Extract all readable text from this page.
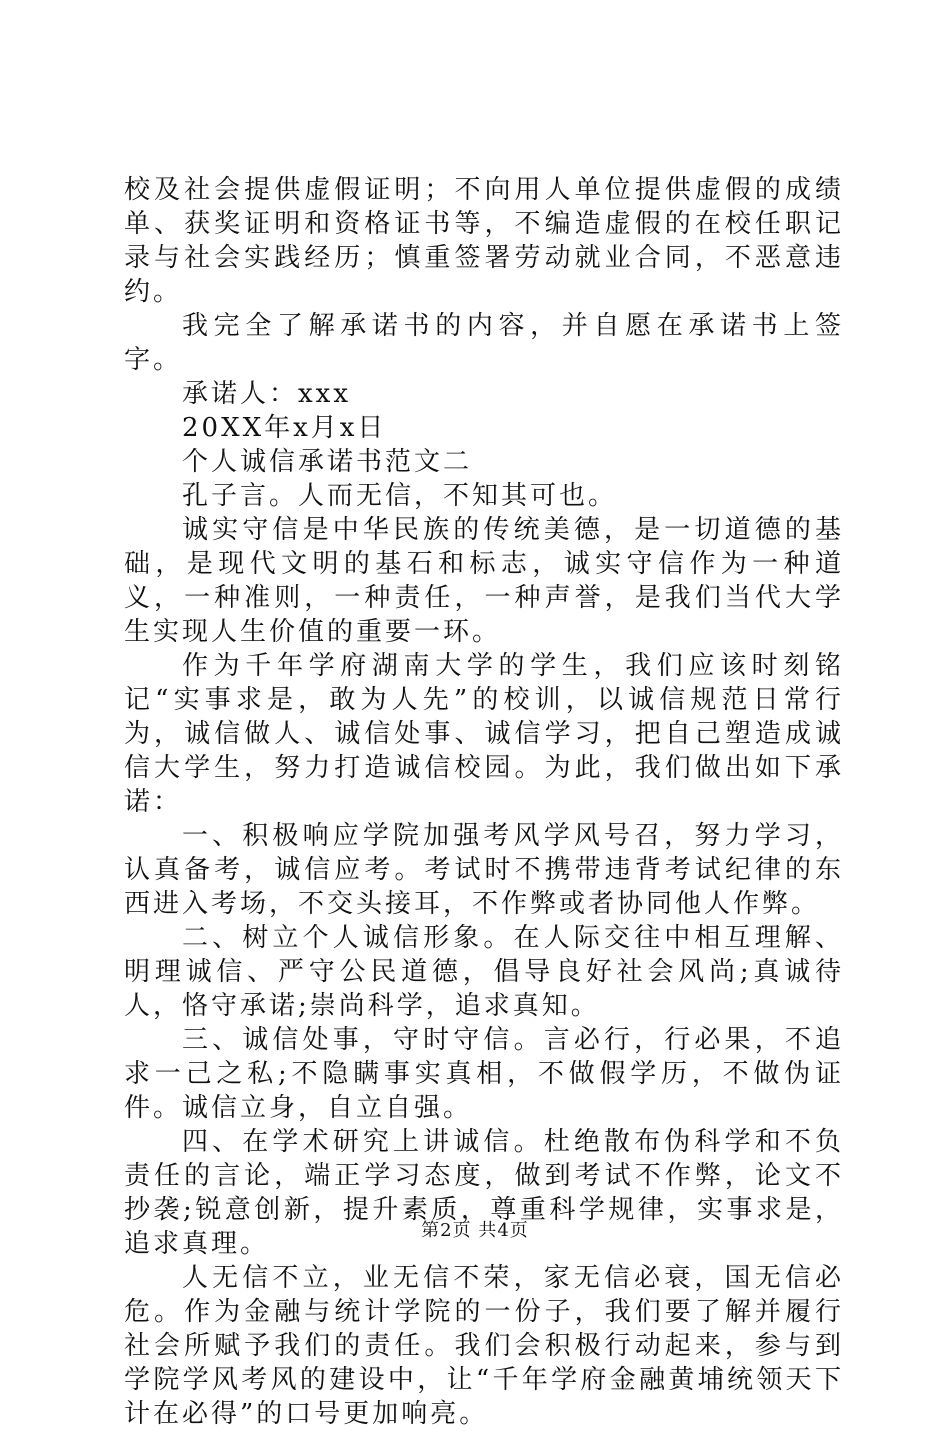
校及社会提供虚假证明；不向用人单位提供虚假的成绩单、获奖证明和资格证书等，不编造虚假的在校任职记录与社会实践经历；慎重签署劳动就业合同，不恶意违约。

我完全了解承诺书的内容，并自愿在承诺书上签字。

承诺人：xxx

20XX年x月x日

个人诚信承诺书范文二

孔子言。人而无信，不知其可也。

诚实守信是中华民族的传统美德，是一切道德的基础，是现代文明的基石和标志，诚实守信作为一种道义，一种准则，一种责任，一种声誉，是我们当代大学生实现人生价值的重要一环。

作为千年学府湖南大学的学生，我们应该时刻铭记“实事求是，敢为人先”的校训，以诚信规范日常行为，诚信做人、诚信处事、诚信学习，把自己塑造成诚信大学生，努力打造诚信校园。为此，我们做出如下承诺：

一、积极响应学院加强考风学风号召，努力学习，认真备考，诚信应考。考试时不携带违背考试纪律的东西进入考场，不交头接耳，不作弊或者协同他人作弊。

二、树立个人诚信形象。在人际交往中相互理解、明理诚信、严守公民道德，倡导良好社会风尚;真诚待人，恪守承诺;崇尚科学，追求真知。

三、诚信处事，守时守信。言必行，行必果，不追求一己之私;不隐瞒事实真相，不做假学历，不做伪证件。诚信立身，自立自强。

四、在学术研究上讲诚信。杜绝散布伪科学和不负责任的言论，端正学习态度，做到考试不作弊，论文不抄袭;锐意创新，提升素质，尊重科学规律，实事求是，追求真理。

人无信不立，业无信不荣，家无信必衰，国无信必危。作为金融与统计学院的一份子，我们要了解并履行社会所赋予我们的责任。我们会积极行动起来，参与到学院学风考风的建设中，让“千年学府金融黄埔统领天下计在必得”的口号更加响亮。

第2页 共4页
